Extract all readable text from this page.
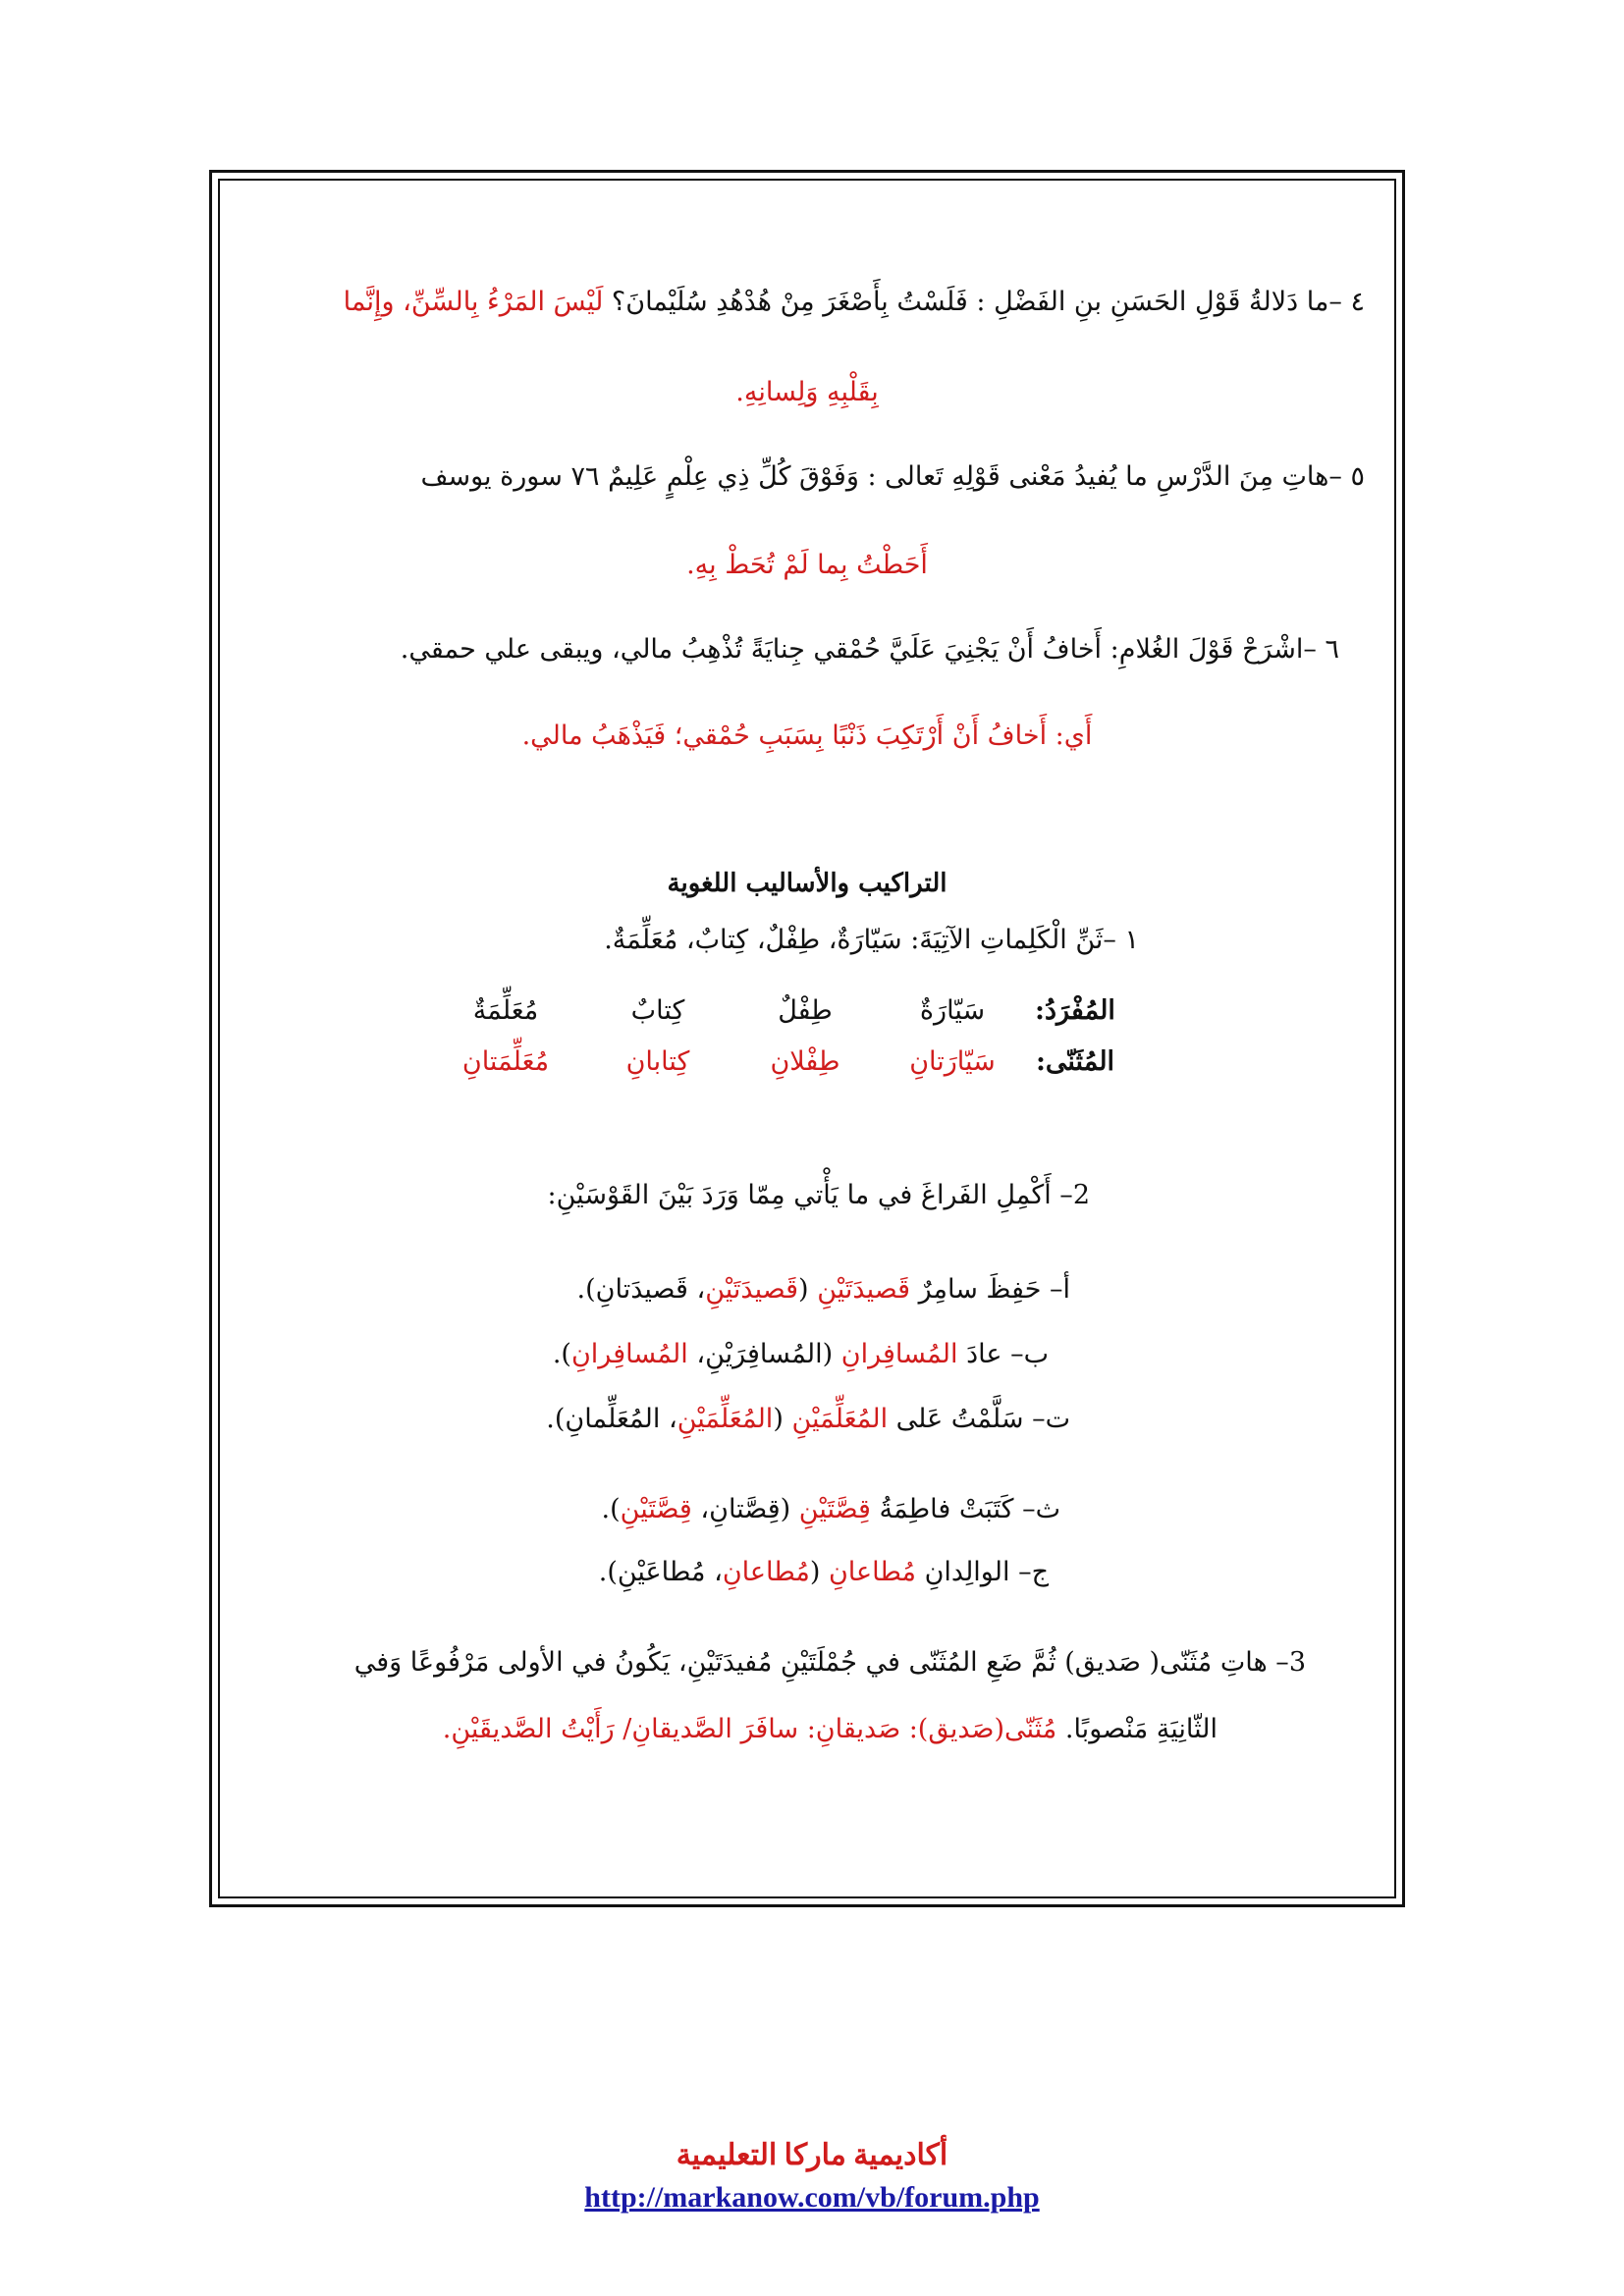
٤ –ما دَلالةُ قَوْلِ الحَسَنِ بنِ الفَضْلِ : فَلَسْتُ بِأَصْغَرَ مِنْ هُدْهُدِ سُلَيْمانَ؟ لَيْسَ المَرْءُ بِالسِّنِّ، وإِنَّما
بِقَلْبِهِ وَلِسانِهِ.
٥ –هاتِ مِنَ الدَّرْسِ ما يُفيدُ مَعْنى قَوْلِهِ تَعالى : وَفَوْقَ كُلِّ ذِي عِلْمٍ عَلِيمٌ ٧٦ سورة يوسف
أَحَطْتُ بِما لَمْ تُحَطْ بِهِ.
٦ –اشْرَحْ قَوْلَ الغُلامِ: أَخافُ أَنْ يَجْنِيَ عَلَيَّ حُمْقي جِنايَةً تُذْهِبُ مالي، ويبقى علي حمقي.
أَي: أَخافُ أَنْ أَرْتَكِبَ ذَنْبًا بِسَبَبِ حُمْقي؛ فَيَذْهَبُ مالي.
التراكيب والأساليب اللغوية
١ –ثَنِّ الْكَلِماتِ الآتِيَةَ: سَيّارَةٌ، طِفْلٌ، كِتابٌ، مُعَلِّمَةٌ.
المُفْرَدُ:
سَيّارَةٌ
طِفْلٌ
كِتابٌ
مُعَلِّمَةٌ
المُثَنّى:
سَيّارَتانِ
طِفْلانِ
كِتابانِ
مُعَلِّمَتانِ
2– أَكْمِلِ الفَراغَ في ما يَأْتي مِمّا وَرَدَ بَيْنَ القَوْسَيْنِ:
أ– حَفِظَ سامِرٌ قَصيدَتَيْنِ (قَصيدَتَيْنِ، قَصيدَتانِ).
ب– عادَ المُسافِرانِ (المُسافِرَيْنِ، المُسافِرانِ).
ت– سَلَّمْتُ عَلى المُعَلِّمَيْنِ (المُعَلِّمَيْنِ، المُعَلِّمانِ).
ث– كَتَبَتْ فاطِمَةُ قِصَّتَيْنِ (قِصَّتانِ، قِصَّتَيْنِ).
ج– الوالِدانِ مُطاعانِ (مُطاعانِ، مُطاعَيْنِ).
3– هاتِ مُثَنّى( صَديق) ثُمَّ ضَعِ المُثَنّى في جُمْلَتَيْنِ مُفيدَتَيْنِ، يَكُونُ في الأولى مَرْفُوعًا وَفي
الثّانِيَةِ مَنْصوبًا. مُثَنّى(صَديق): صَديقانِ: سافَرَ الصَّديقانِ/ رَأَيْتُ الصَّديقَيْنِ.
أكاديمية ماركا التعليمية
http://markanow.com/vb/forum.php
